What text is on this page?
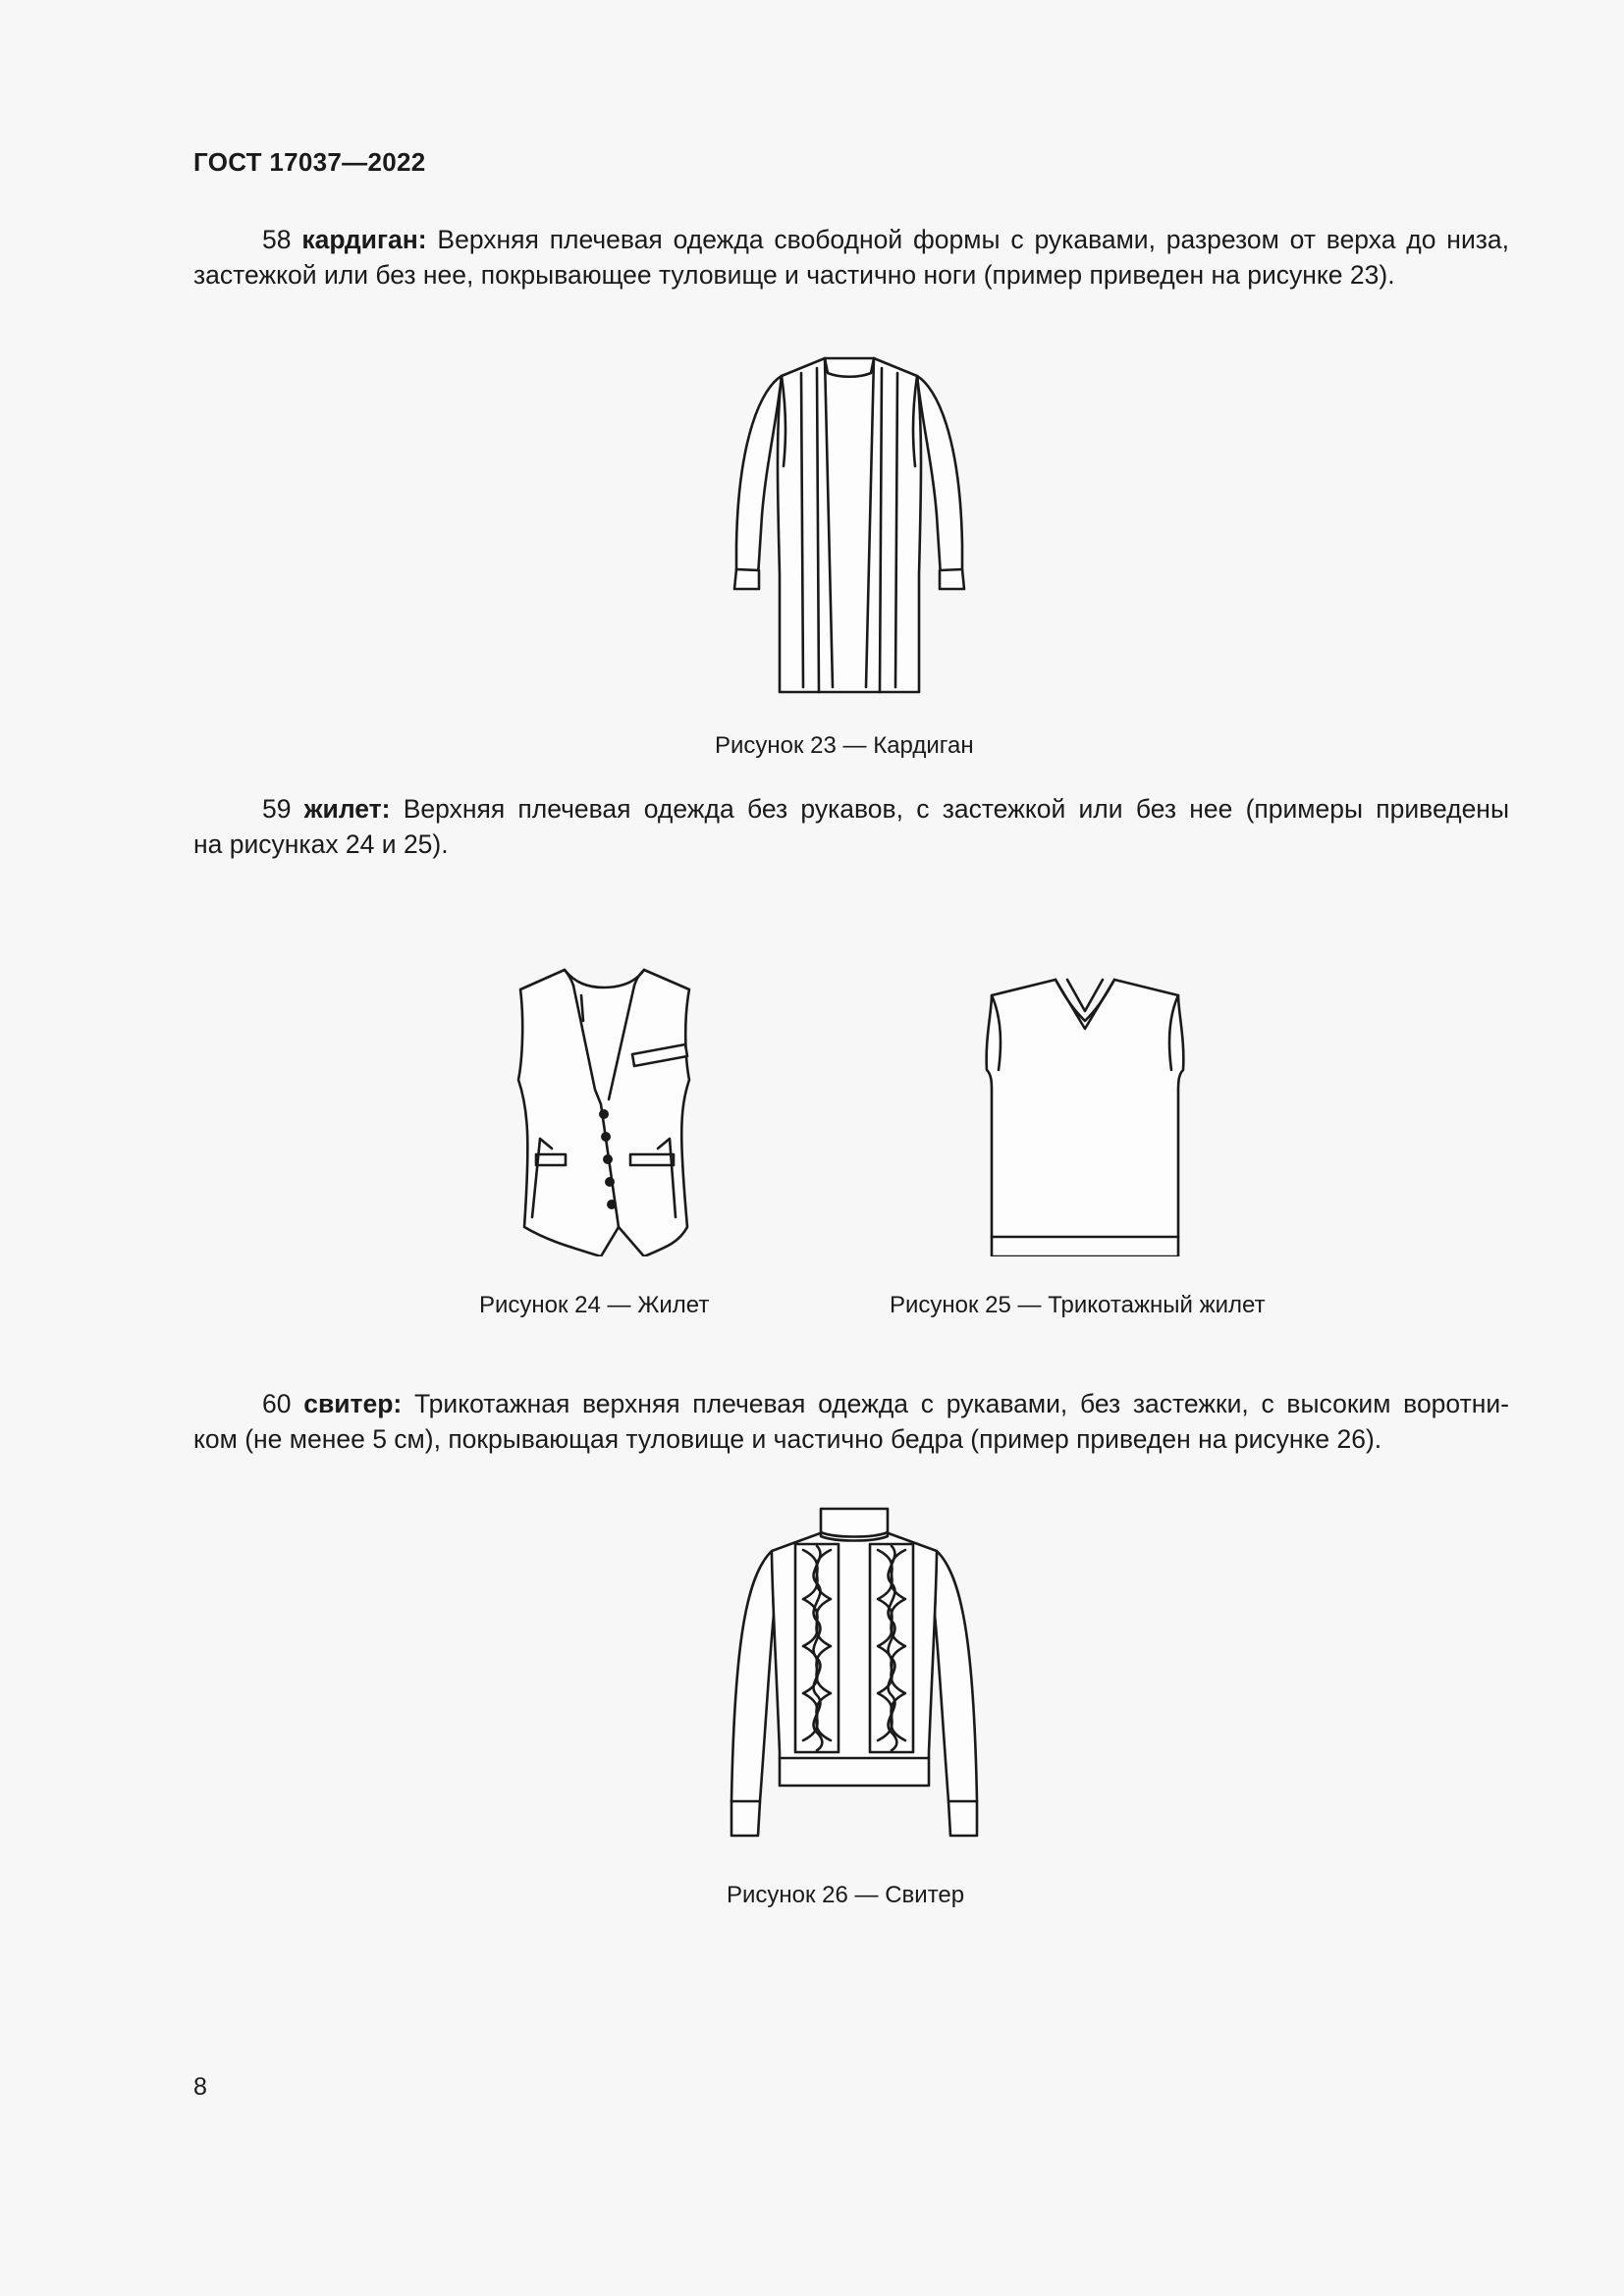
ГОСТ 17037—2022
58 кардиган: Верхняя плечевая одежда свободной формы с рукавами, разрезом от верха до низа,
застежкой или без нее, покрывающее туловище и частично ноги (пример приведен на рисунке 23).
Рисунок 23 — Кардиган
59 жилет: Верхняя плечевая одежда без рукавов, с застежкой или без нее (примеры приведены
на рисунках 24 и 25).
Рисунок 24 — Жилет	Рисунок 25 — Трикотажный жилет
60 свитер: Трикотажная верхняя плечевая одежда с рукавами, без застежки, с высоким воротни-
ком (не менее 5 см), покрывающая туловище и частично бедра (пример приведен на рисунке 26).
Рисунок 26 — Свитер
8
